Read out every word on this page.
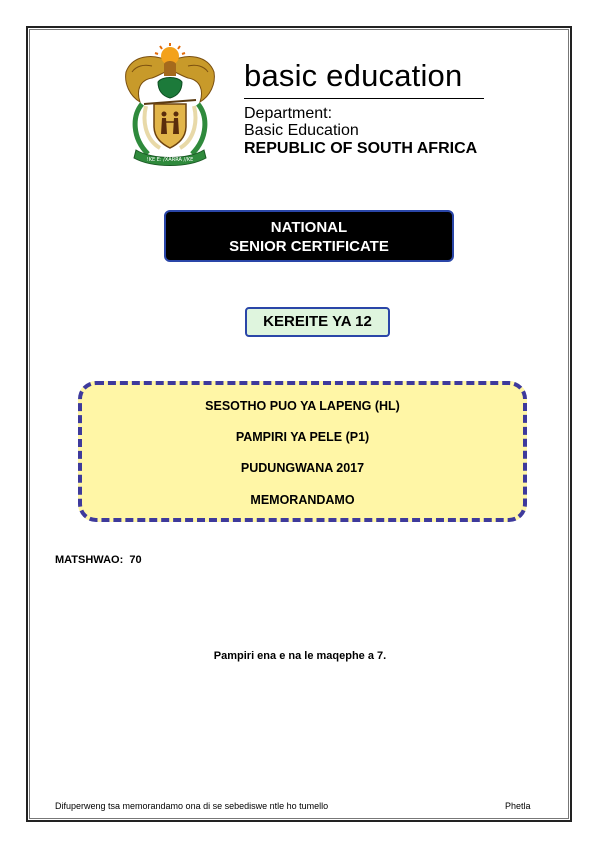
!KE E: /XARRA //KE
basic education
Department:
Basic Education
REPUBLIC OF SOUTH AFRICA
NATIONAL
SENIOR CERTIFICATE
KEREITE YA 12
SESOTHO PUO YA LAPENG (HL)
PAMPIRI YA PELE (P1)
PUDUNGWANA 2017
MEMORANDAMO
MATSHWAO:  70
Pampiri ena e na le maqephe a 7.
Difuperweng tsa memorandamo ona di se sebediswe ntle ho tumello	Phetla
